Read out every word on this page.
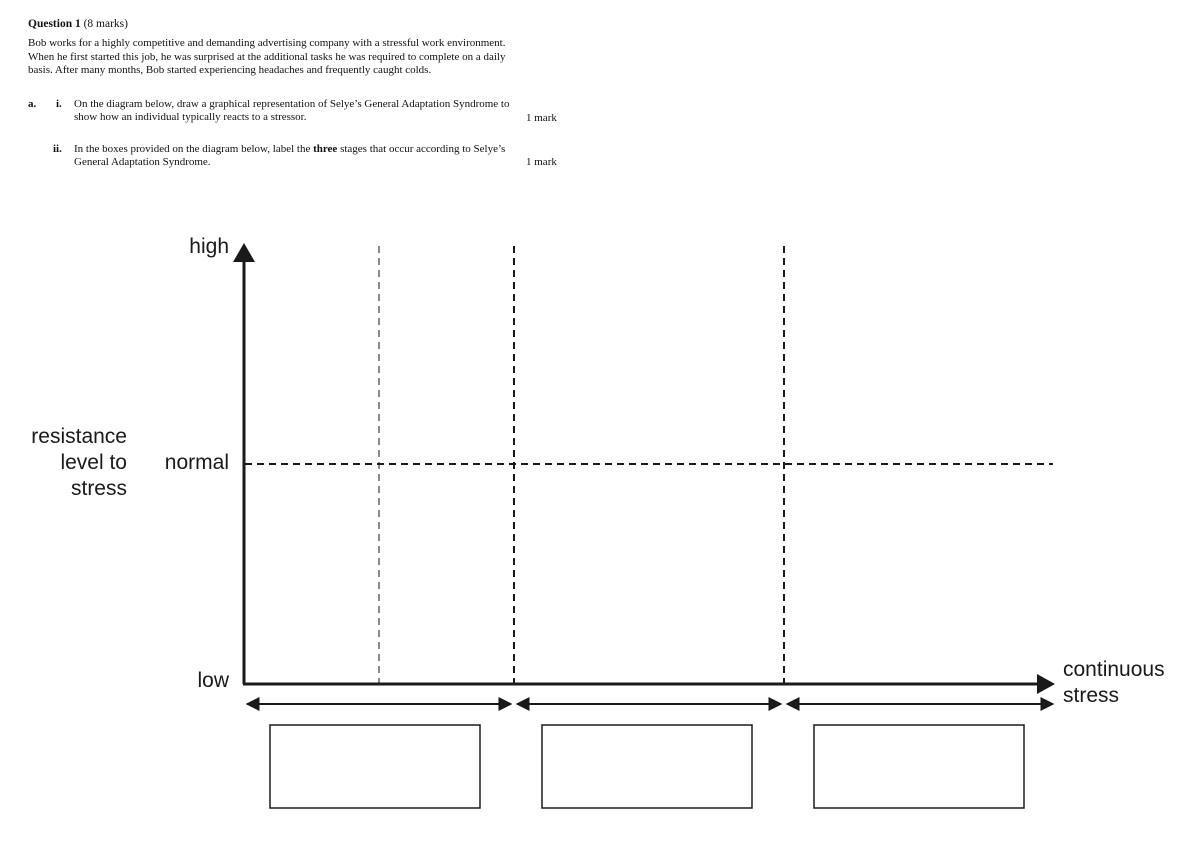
Question 1 (8 marks)
Bob works for a highly competitive and demanding advertising company with a stressful work environment. When he first started this job, he was surprised at the additional tasks he was required to complete on a daily basis. After many months, Bob started experiencing headaches and frequently caught colds.
a. i. On the diagram below, draw a graphical representation of Selye’s General Adaptation Syndrome to show how an individual typically reacts to a stressor.	1 mark
ii. In the boxes provided on the diagram below, label the three stages that occur according to Selye’s General Adaptation Syndrome.	1 mark
high
normal
low
resistance
level to
stress
continuous
stress
